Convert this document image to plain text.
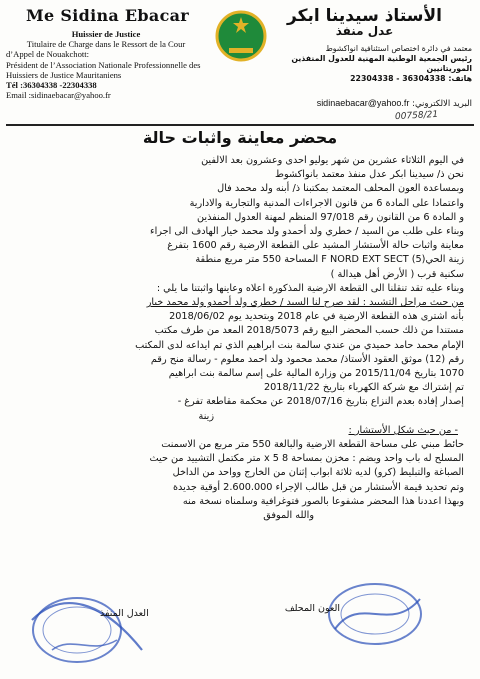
Me Sidina Ebacar
Huissier de Justice
Titulaire de Charge dans le Ressort de la Cour
d’Appel de Nouakchott:
Président de l’Association Nationale Professionnelle des
Huissiers de Justice Mauritaniens
Tél :36304338 -22304338
Email :sidinaebacar@yahoo.fr
الأستاذ سيدينا ابكر
عدل منفذ
معتمد في دائرة اختصاص استئنافية انواكشوط
رئيس الجمعية الوطنية المهنية للعدول المنفذين الموريتانيين
هاتف: 36304338 - 22304338
البريد الالكتروني: sidinaebacar@yahoo.fr
00758/21
محضر معاينة واثبات حالة

في اليوم الثلاثاء عشرين من شهر يوليو احدى وعشرون بعد الالفين

نحن ذ/ سيدينا ابكر عدل منفذ معتمد بانواكشوط

وبمساعدة العون المحلف المعتمد بمكتبنا ذ/ أبنه ولد محمد فال

واعتمادا على المادة 6 من قانون الاجراءات المدنية والتجارية والادارية

و المادة 6 من القانون رقم 97/018 المنظم لمهنة العدول المنفذين

وبناء على طلب من السيد / خطري ولد أحمدو ولد محمد خيار الهادف الى اجراء

معاينة واثبات حالة الأستشار المشيد على القطعة الارضية رقم 1600 بتفرغ

زينة الحي(5) F NORD EXT SECT المساحة 550 متر مربع منطقة

سكنية قرب ( الأرض أهل هيدالة )

وبناء عليه تقد تنقلنا الى القطعة الارضية المذكورة اعلاه وعاينها واثبتنا ما يلي :

من حيث مراحل التشييد : لقد صرح لنا السيد / خطري ولد أحمدو ولد محمد خيار

بأنه اشترى هذه القطعة الارضية في عام 2018 وبتحديد يوم 2018/06/02

مستندا من ذلك حسب المحضر البيع رقم 2018/5073 المعد من طرف مكتب

الإمام محمد حامد حميدي من عندي سالمة بنت ابراهيم الذي تم ايداعه لدى المكتب

رقم (12) موثق العقود الأستاذ/ محمد محمود ولد احمد معلوم - رسالة منح رقم

1070 بتاريخ 2015/11/04 من وزارة المالية على إسم سالمة بنت ابراهيم

تم إشتراك مع شركة الكهرباء بتاريخ 2018/11/22

إصدار إفادة بعدم النزاع بتاريخ 2018/07/16 عن محكمة مقاطعة تفرغ -

زينة

- من حيث شكل الأستشار :

حائط مبني على مساحة القطعة الارضية والبالغة 550 متر مربع من الاسمنت

المسلح له باب واحد وبضم : مخزن بمساحة 8 x 5 متر مكتمل التشييد من حيث

الصباغة والتبليط (كرو) لديه ثلاثة ابواب إثنان من الخارج وواحد من الداخل

وتم تحديد قيمة الأستشار من قبل طالب الإجراء 2.600.000 أوقية جديدة

وبهذا اعددنا هذا المحضر مشفوعا بالصور فتوغرافية وسلمناه نسخة منه

والله الموفق

العدل المنفذ	العون المحلف
